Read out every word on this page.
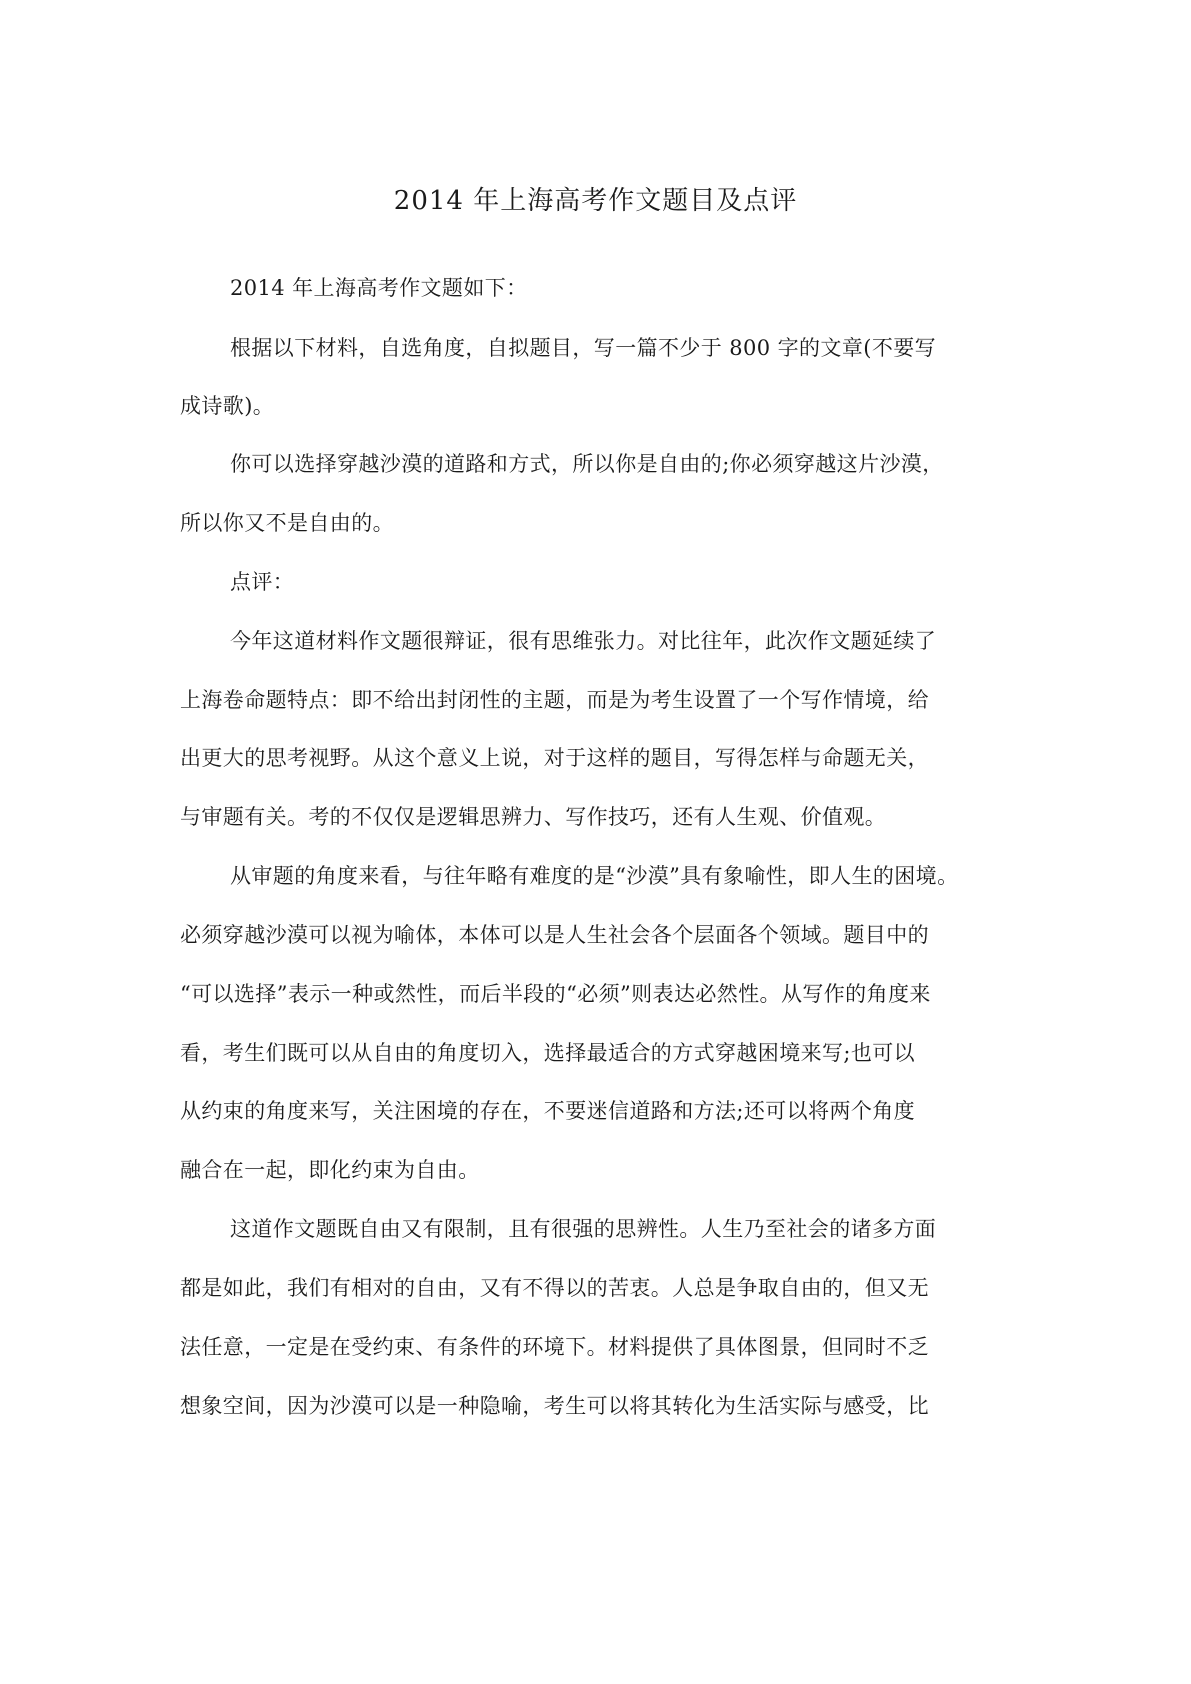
2014 年上海高考作文题目及点评
2014 年上海高考作文题如下：
根据以下材料，自选角度，自拟题目，写一篇不少于 800 字的文章(不要写
成诗歌)。
你可以选择穿越沙漠的道路和方式，所以你是自由的;你必须穿越这片沙漠，
所以你又不是自由的。
点评：
今年这道材料作文题很辩证，很有思维张力。对比往年，此次作文题延续了
上海卷命题特点：即不给出封闭性的主题，而是为考生设置了一个写作情境，给
出更大的思考视野。从这个意义上说，对于这样的题目，写得怎样与命题无关，
与审题有关。考的不仅仅是逻辑思辨力、写作技巧，还有人生观、价值观。
从审题的角度来看，与往年略有难度的是“沙漠”具有象喻性，即人生的困境。
必须穿越沙漠可以视为喻体，本体可以是人生社会各个层面各个领域。题目中的
“可以选择”表示一种或然性，而后半段的“必须”则表达必然性。从写作的角度来
看，考生们既可以从自由的角度切入，选择最适合的方式穿越困境来写;也可以
从约束的角度来写，关注困境的存在，不要迷信道路和方法;还可以将两个角度
融合在一起，即化约束为自由。
这道作文题既自由又有限制，且有很强的思辨性。人生乃至社会的诸多方面
都是如此，我们有相对的自由，又有不得以的苦衷。人总是争取自由的，但又无
法任意，一定是在受约束、有条件的环境下。材料提供了具体图景，但同时不乏
想象空间，因为沙漠可以是一种隐喻，考生可以将其转化为生活实际与感受，比
